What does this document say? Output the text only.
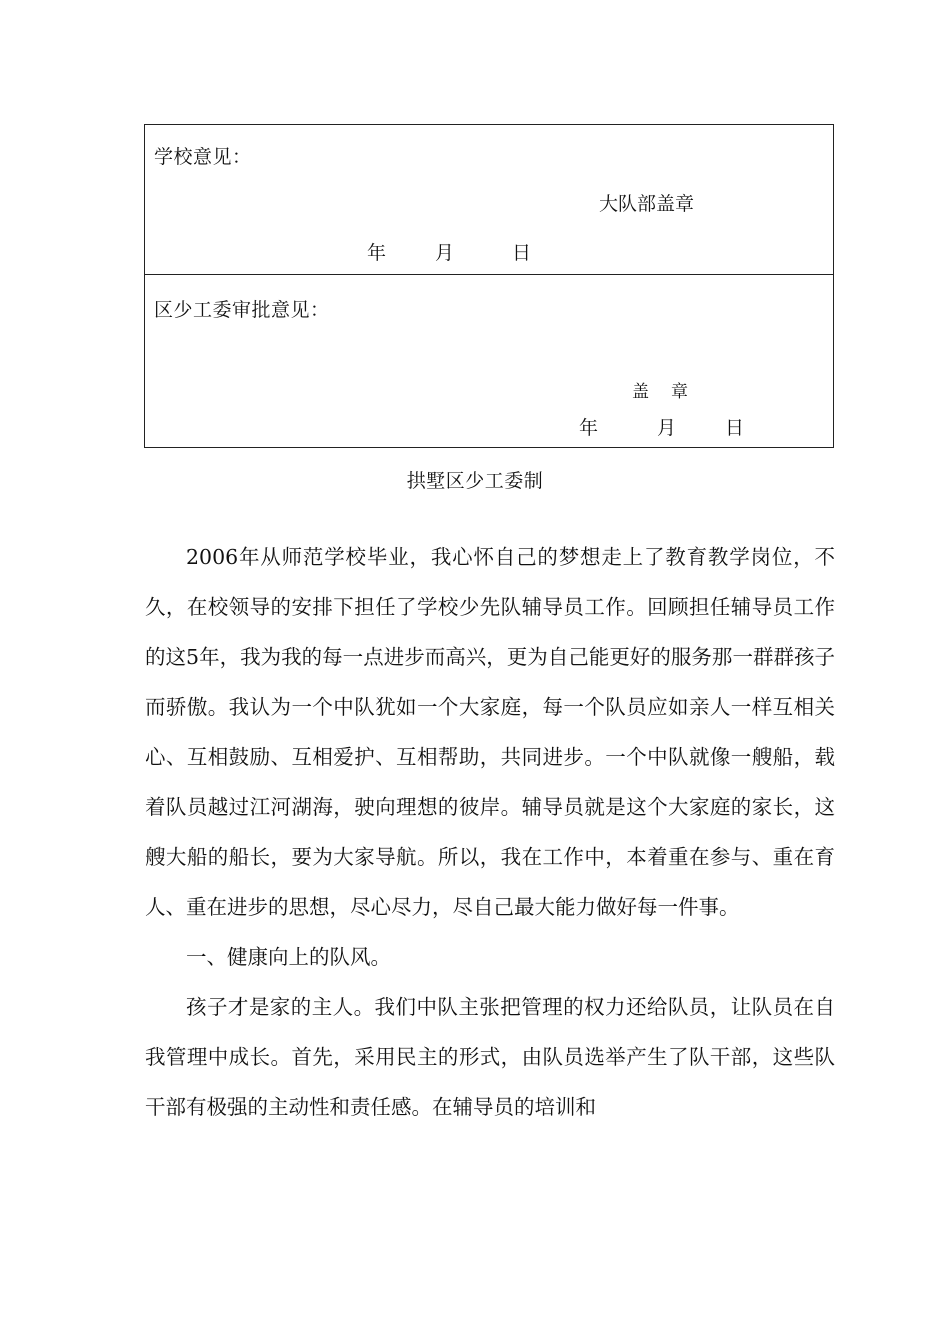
学校意见：
大队部盖章
年	月	日
区少工委审批意见：
盖 章
年	月	日
拱墅区少工委制

2006年从师范学校毕业，我心怀自己的梦想走上了教育教学岗位，不久，在校领导的安排下担任了学校少先队辅导员工作。回顾担任辅导员工作的这5年，我为我的每一点进步而高兴，更为自己能更好的服务那一群群孩子而骄傲。我认为一个中队犹如一个大家庭，每一个队员应如亲人一样互相关心、互相鼓励、互相爱护、互相帮助，共同进步。一个中队就像一艘船，载着队员越过江河湖海，驶向理想的彼岸。辅导员就是这个大家庭的家长，这艘大船的船长，要为大家导航。所以，我在工作中，本着重在参与、重在育人、重在进步的思想，尽心尽力，尽自己最大能力做好每一件事。

一、健康向上的队风。

孩子才是家的主人。我们中队主张把管理的权力还给队员，让队员在自我管理中成长。首先，采用民主的形式，由队员选举产生了队干部，这些队干部有极强的主动性和责任感。在辅导员的培训和
